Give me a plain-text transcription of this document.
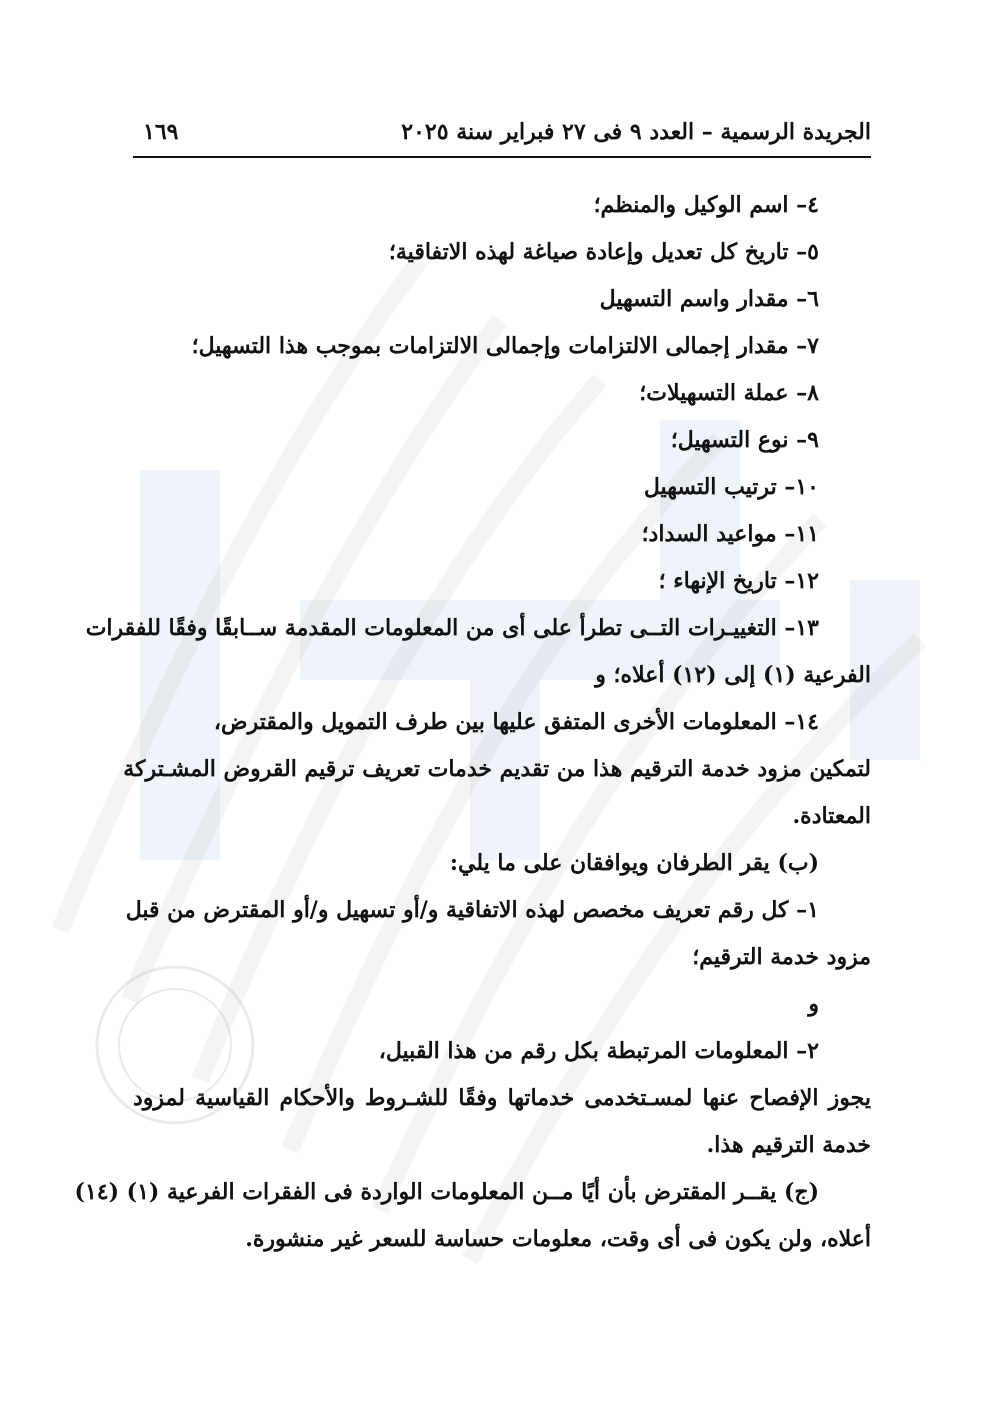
الجريدة الرسمية – العدد ٩ فى ٢٧ فبراير سنة ٢٠٢٥
١٦٩
٤– اسم الوكيل والمنظم؛
٥– تاريخ كل تعديل وإعادة صياغة لهذه الاتفاقية؛
٦– مقدار واسم التسهيل
٧– مقدار إجمالى الالتزامات وإجمالى الالتزامات بموجب هذا التسهيل؛
٨– عملة التسهيلات؛
٩– نوع التسهيل؛
١٠– ترتيب التسهيل
١١– مواعيد السداد؛
١٢– تاريخ الإنهاء ؛
١٣– التغييـرات التــى تطرأ على أى من المعلومات المقدمة ســابقًا وفقًا للفقرات
الفرعية (١) إلى (١٢) أعلاه؛ و
١٤– المعلومات الأخرى المتفق عليها بين طرف التمويل والمقترض،
لتمكين مزود خدمة الترقيم هذا من تقديم خدمات تعريف ترقيم القروض المشـتركة
المعتادة.
(ب) يقر الطرفان ويوافقان على ما يلي:
١– كل رقم تعريف مخصص لهذه الاتفاقية و/أو تسهيل و/أو المقترض من قبل
مزود خدمة الترقيم؛
و
٢– المعلومات المرتبطة بكل رقم من هذا القبيل،
يجوز الإفصاح عنها لمسـتخدمى خدماتها وفقًا للشـروط والأحكام القياسية لمزود
خدمة الترقيم هذا.
(ج) يقــر المقترض بأن أيًا مــن المعلومات الواردة فى الفقرات الفرعية (١) (١٤)
أعلاه، ولن يكون فى أى وقت، معلومات حساسة للسعر غير منشورة.
